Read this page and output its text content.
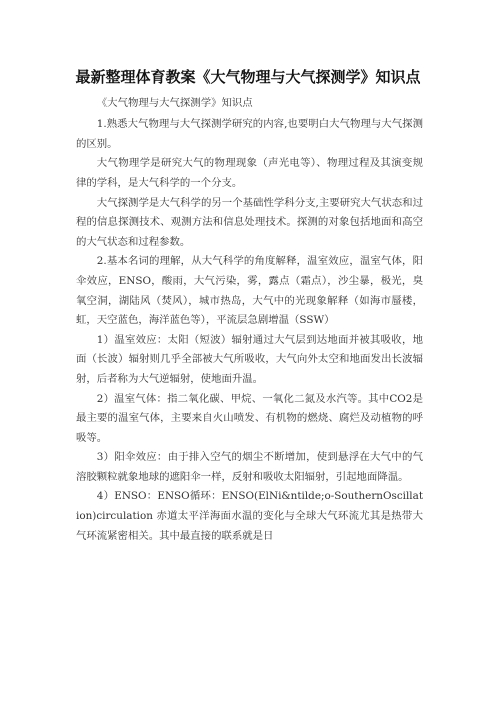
最新整理体育教案《大气物理与大气探测学》知识点

《大气物理与大气探测学》知识点

1.熟悉大气物理与大气探测学研究的内容,也要明白大气物理与大气探测的区别。

大气物理学是研究大气的物理现象（声光电等）、物理过程及其演变规律的学科，是大气科学的一个分支。

大气探测学是大气科学的另一个基础性学科分支,主要研究大气状态和过程的信息探测技术、观测方法和信息处理技术。探测的对象包括地面和高空的大气状态和过程参数。

2.基本名词的理解，从大气科学的角度解释，温室效应，温室气体，阳伞效应，ENSO，酸雨，大气污染，雾，露点（霜点），沙尘暴，极光，臭氧空洞，湖陆风（焚风），城市热岛，大气中的光现象解释（如海市蜃楼，虹，天空蓝色，海洋蓝色等），平流层急剧增温（SSW）

1）温室效应：太阳（短波）辐射通过大气层到达地面并被其吸收，地面（长波）辐射则几乎全部被大气所吸收，大气向外太空和地面发出长波辐射，后者称为大气逆辐射，使地面升温。

2）温室气体：指二氧化碳、甲烷、一氧化二氮及水汽等。其中CO2是最主要的温室气体，主要来自火山喷发、有机物的燃烧、腐烂及动植物的呼吸等。

3）阳伞效应：由于排入空气的烟尘不断增加，使到悬浮在大气中的气溶胶颗粒就象地球的遮阳伞一样，反射和吸收太阳辐射，引起地面降温。

4）ENSO：ENSO循环：ENSO(ElNi&ntilde;o-SouthernOscillation)circulation 赤道太平洋海面水温的变化与全球大气环流尤其是热带大气环流紧密相关。其中最直接的联系就是日
